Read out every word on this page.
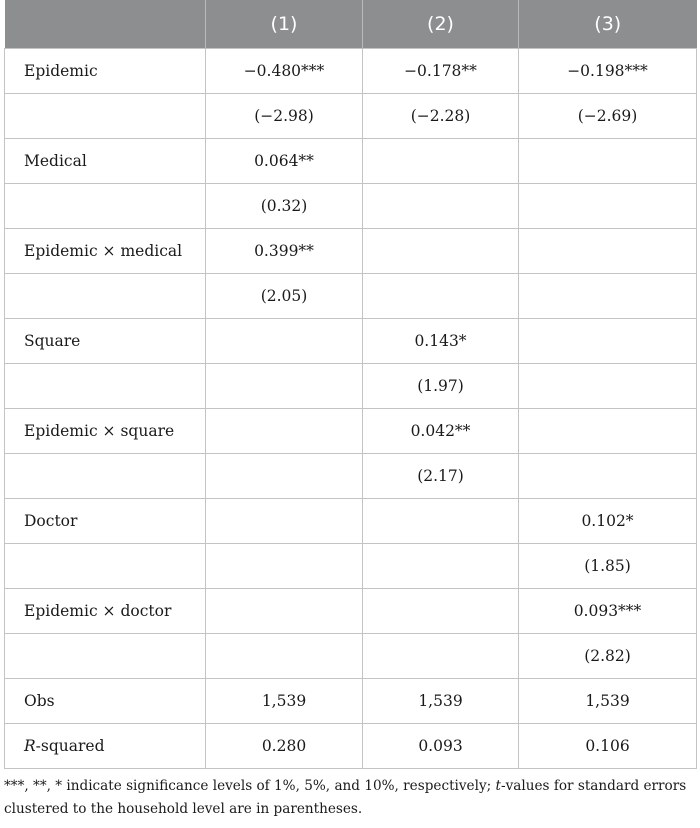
	(1)	(2)	(3)
Epidemic	−0.480***	−0.178**	−0.198***
	(−2.98)	(−2.28)	(−2.69)
Medical	0.064**		
	(0.32)		
Epidemic × medical	0.399**		
	(2.05)		
Square		0.143*	
		(1.97)	
Epidemic × square		0.042**	
		(2.17)	
Doctor			0.102*
			(1.85)
Epidemic × doctor			0.093***
			(2.82)
Obs	1,539	1,539	1,539
R-squared	0.280	0.093	0.106
***, **, * indicate significance levels of 1%, 5%, and 10%, respectively; t-values for standard errors clustered to the household level are in parentheses.
